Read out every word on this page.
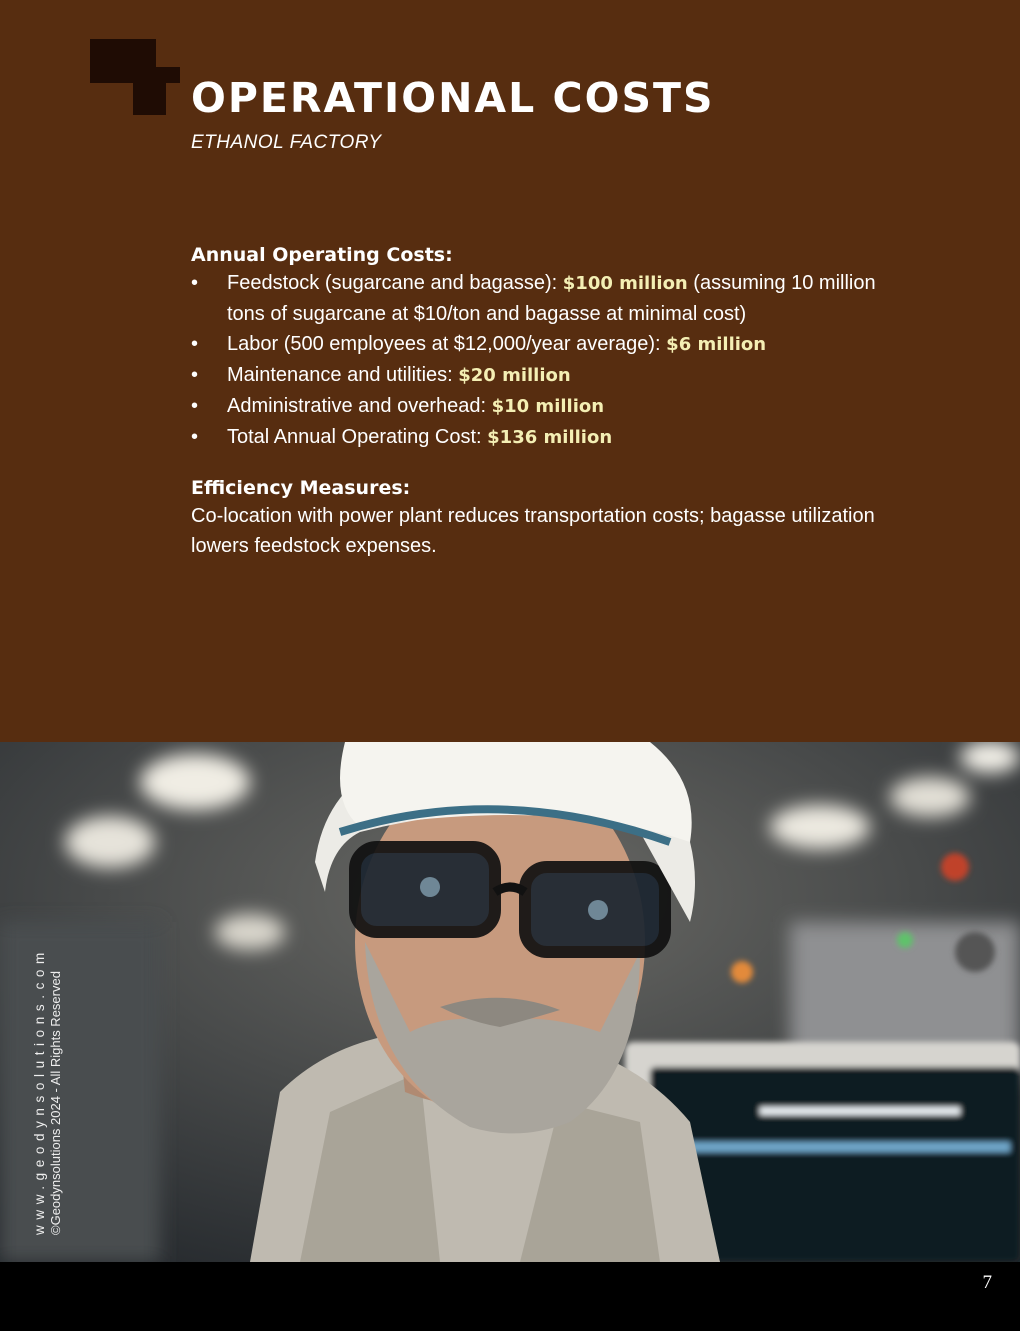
OPERATIONAL COSTS
ETHANOL FACTORY
Annual Operating Costs:
• Feedstock (sugarcane and bagasse): $100 million (assuming 10 million tons of sugarcane at $10/ton and bagasse at minimal cost)
• Labor (500 employees at $12,000/year average): $6 million
• Maintenance and utilities: $20 million
• Administrative and overhead: $10 million
• Total Annual Operating Cost: $136 million
Efficiency Measures:
Co-location with power plant reduces transportation costs; bagasse utilization lowers feedstock expenses.
www.geodynsolutions.com ©Geodynsolutions 2024 - All Rights Reserved
7
